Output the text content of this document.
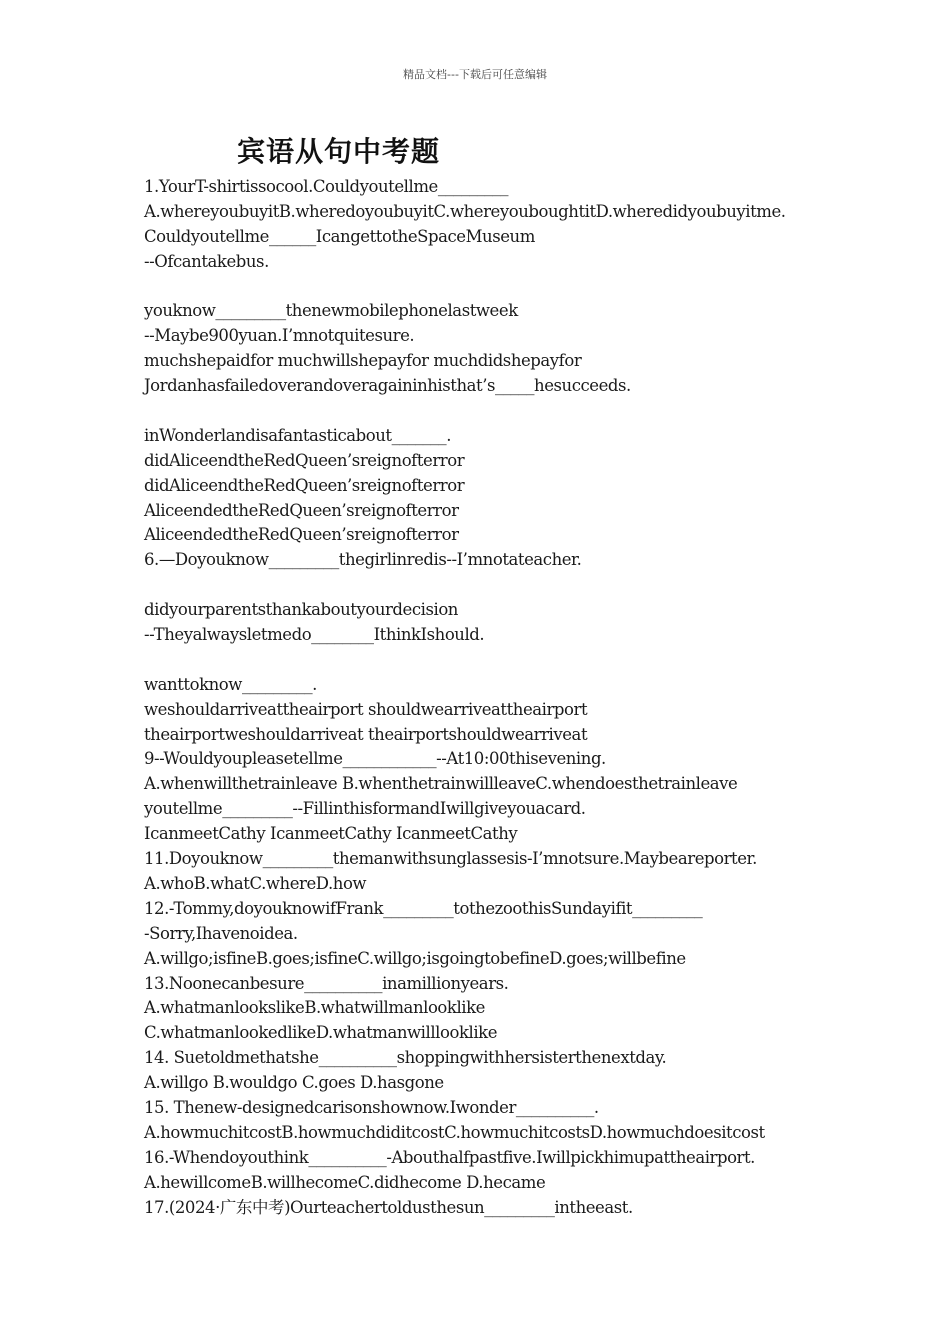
精品文档---下载后可任意编辑
宾语从句中考题
1.YourT-shirtissocool.Couldyoutellme_________
A.whereyoubuyitB.wheredoyoubuyitC.whereyouboughtitD.wheredidyoubuyitme.
Couldyoutellme______IcangettotheSpaceMuseum
--Ofcantakebus.
youknow_________thenewmobilephonelastweek
--Maybe900yuan.I’mnotquitesure.
muchshepaidfor muchwillshepayfor muchdidshepayfor
Jordanhasfailedoverandoveragaininhisthat’s_____hesucceeds.
inWonderlandisafantasticabout_______.
didAliceendtheRedQueen’sreignofterror
didAliceendtheRedQueen’sreignofterror
AliceendedtheRedQueen’sreignofterror
AliceendedtheRedQueen’sreignofterror
6.—Doyouknow_________thegirlinredis--I’mnotateacher.
didyourparentsthankaboutyourdecision
--Theyalwaysletmedo________IthinkIshould.
wanttoknow_________.
weshouldarriveattheairport shouldwearriveattheairport
theairportweshouldarriveat theairportshouldwearriveat
9--Wouldyoupleasetellme____________--At10:00thisevening.
A.whenwillthetrainleave B.whenthetrainwillleaveC.whendoesthetrainleave
youtellme_________--FillinthisformandIwillgiveyouacard.
IcanmeetCathy IcanmeetCathy IcanmeetCathy
11.Doyouknow_________themanwithsunglassesis-I’mnotsure.Maybeareporter.
A.whoB.whatC.whereD.how
12.-Tommy,doyouknowifFrank_________tothezoothisSundayifit_________
-Sorry,Ihavenoidea.
A.willgo;isfineB.goes;isfineC.willgo;isgoingtobefineD.goes;willbefine
13.Noonecanbesure__________inamillionyears.
A.whatmanlookslikeB.whatwillmanlooklike
C.whatmanlookedlikeD.whatmanwilllooklike
14. Suetoldmethatshe__________shoppingwithhersisterthenextday.
A.willgo B.wouldgo C.goes D.hasgone
15. Thenew-designedcarisonshownow.Iwonder__________.
A.howmuchitcostB.howmuchdiditcostC.howmuchitcostsD.howmuchdoesitcost
16.-Whendoyouthink__________-Abouthalfpastfive.Iwillpickhimupattheairport.
A.hewillcomeB.willhecomeC.didhecome D.hecame
17.(2024·广东中考)Ourteachertoldusthesun_________intheeast.
